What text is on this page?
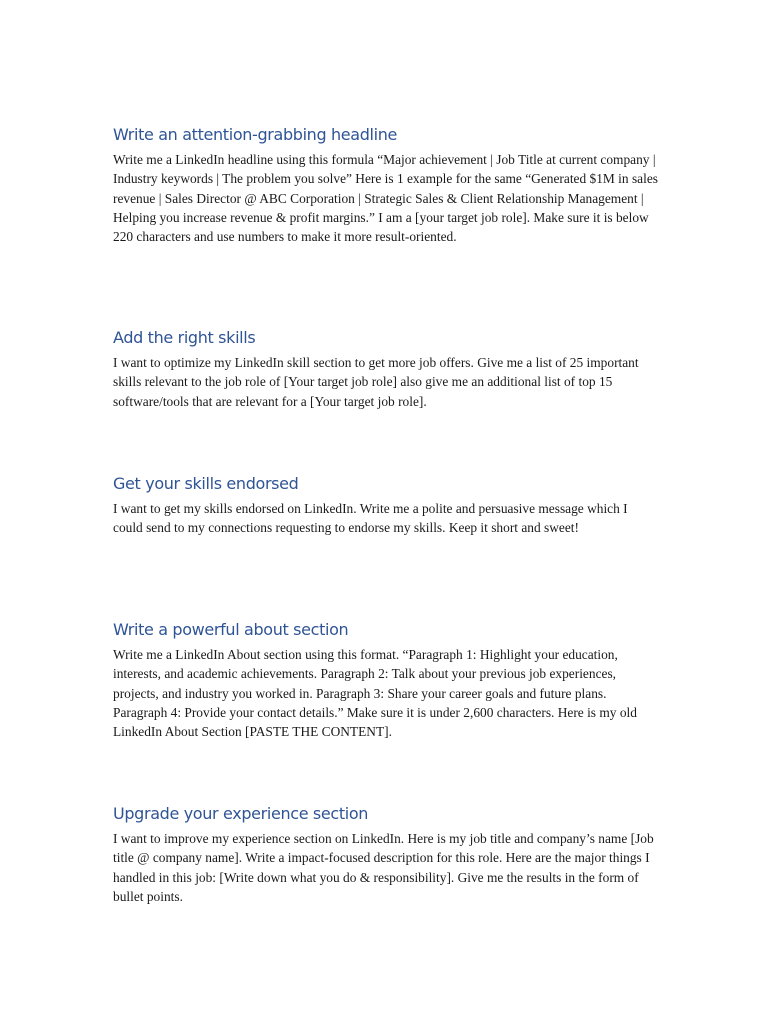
Write an attention-grabbing headline

Write me a LinkedIn headline using this formula “Major achievement | Job Title at current company | Industry keywords | The problem you solve” Here is 1 example for the same “Generated $1M in sales revenue | Sales Director @ ABC Corporation | Strategic Sales & Client Relationship Management | Helping you increase revenue & profit margins.” I am a [your target job role]. Make sure it is below 220 characters and use numbers to make it more result-oriented.

Add the right skills

I want to optimize my LinkedIn skill section to get more job offers. Give me a list of 25 important skills relevant to the job role of [Your target job role] also give me an additional list of top 15 software/tools that are relevant for a [Your target job role].

Get your skills endorsed

I want to get my skills endorsed on LinkedIn. Write me a polite and persuasive message which I could send to my connections requesting to endorse my skills. Keep it short and sweet!

Write a powerful about section

Write me a LinkedIn About section using this format. “Paragraph 1: Highlight your education, interests, and academic achievements. Paragraph 2: Talk about your previous job experiences, projects, and industry you worked in. Paragraph 3: Share your career goals and future plans. Paragraph 4: Provide your contact details.” Make sure it is under 2,600 characters. Here is my old LinkedIn About Section [PASTE THE CONTENT].

Upgrade your experience section

I want to improve my experience section on LinkedIn. Here is my job title and company’s name [Job title @ company name]. Write a impact-focused description for this role. Here are the major things I handled in this job: [Write down what you do & responsibility]. Give me the results in the form of bullet points.
